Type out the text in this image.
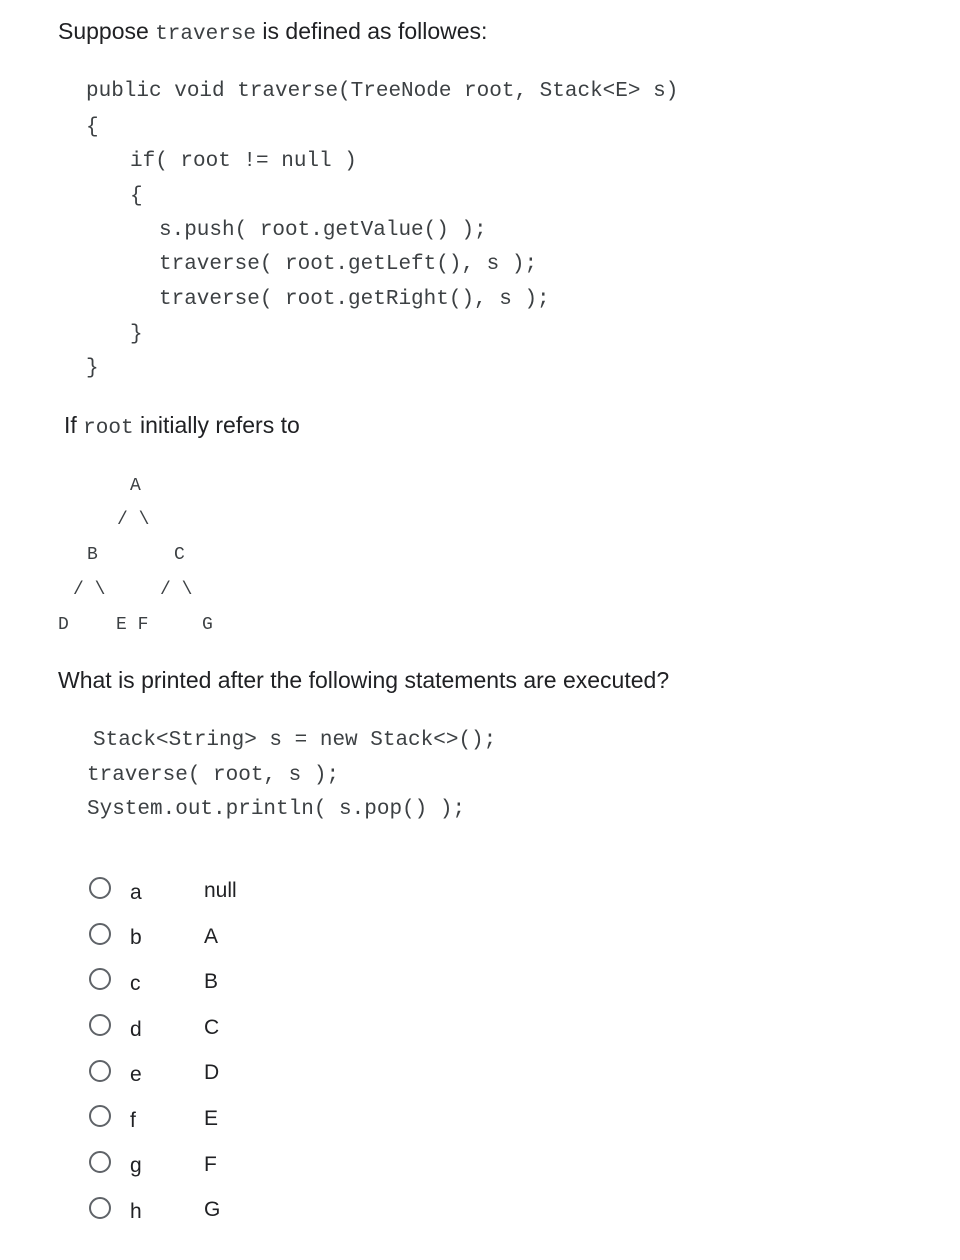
Suppose traverse is defined as followes:
public void traverse(TreeNode root, Stack<E> s)
{
if( root != null )
{
s.push( root.getValue() );
traverse( root.getLeft(), s );
traverse( root.getRight(), s );
}
}
If root initially refers to
A
/ \
B	C
/ \	/ \
D	E F	G
What is printed after the following statements are executed?
Stack<String> s = new Stack<>();
traverse( root, s );
System.out.println( s.pop() );
a	null
b	A
c	B
d	C
e	D
f	E
g	F
h	G
